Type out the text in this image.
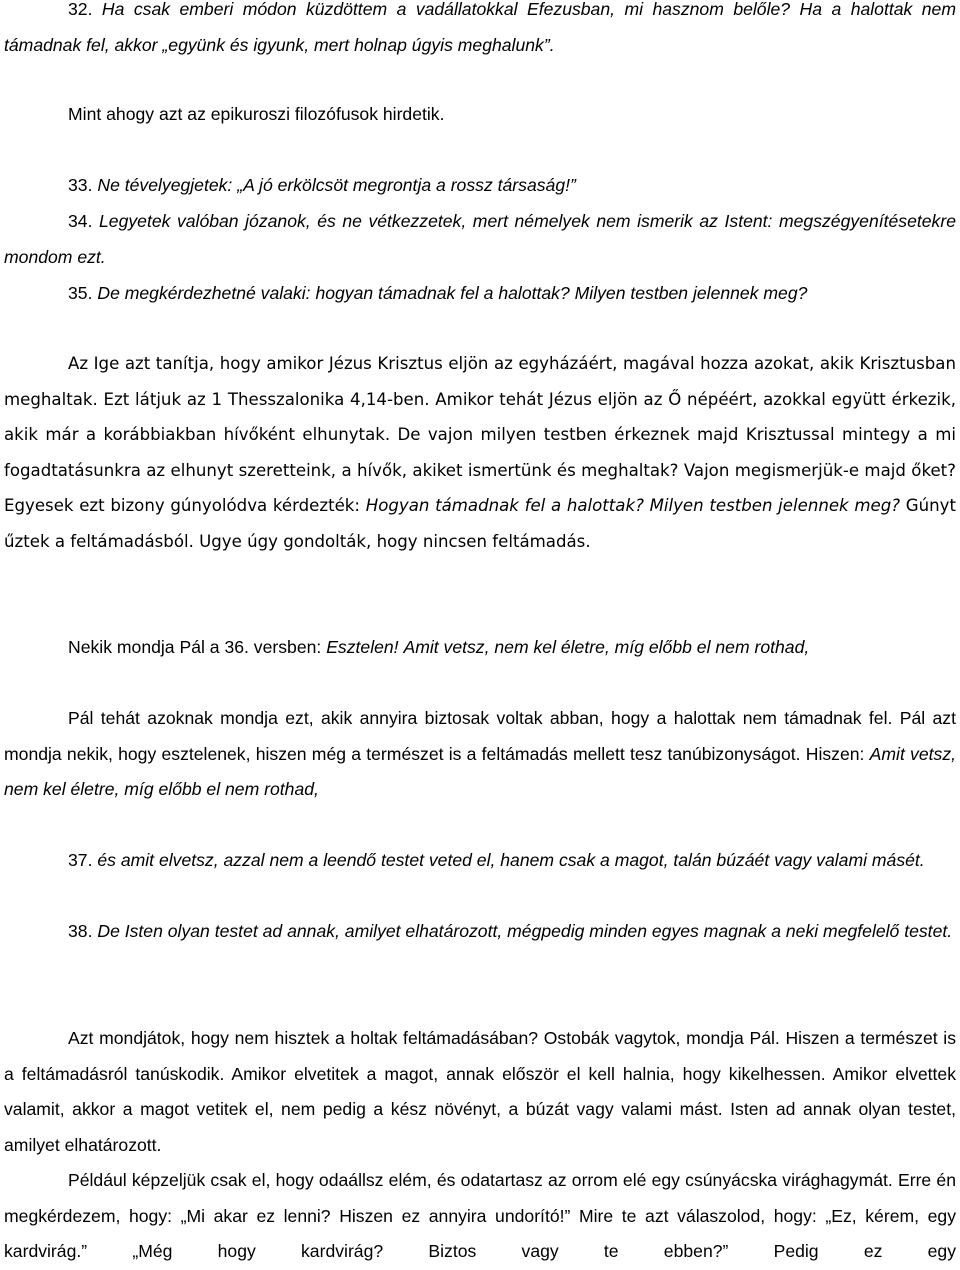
32. Ha csak emberi módon küzdöttem a vadállatokkal Efezusban, mi hasznom belőle? Ha a halottak nem támadnak fel, akkor „együnk és igyunk, mert holnap úgyis meghalunk”.

Mint ahogy azt az epikuroszi filozófusok hirdetik.

33. Ne tévelyegjetek: „A jó erkölcsöt megrontja a rossz társaság!”

34. Legyetek valóban józanok, és ne vétkezzetek, mert némelyek nem ismerik az Istent: megszégyenítésetekre mondom ezt.

35. De megkérdezhetné valaki: hogyan támadnak fel a halottak? Milyen testben jelennek meg?

Az Ige azt tanítja, hogy amikor Jézus Krisztus eljön az egyházáért, magával hozza azokat, akik Krisztusban meghaltak. Ezt látjuk az 1 Thesszalonika 4,14-ben. Amikor tehát Jézus eljön az Ő népéért, azokkal együtt érkezik, akik már a korábbiakban hívőként elhunytak. De vajon milyen testben érkeznek majd Krisztussal mintegy a mi fogadtatásunkra az elhunyt szeretteink, a hívők, akiket ismertünk és meghaltak? Vajon megismerjük-e majd őket? Egyesek ezt bizony gúnyolódva kérdezték: Hogyan támadnak fel a halottak? Milyen testben jelennek meg? Gúnyt űztek a feltámadásból. Ugye úgy gondolták, hogy nincsen feltámadás.

Nekik mondja Pál a 36. versben: Esztelen! Amit vetsz, nem kel életre, míg előbb el nem rothad,

Pál tehát azoknak mondja ezt, akik annyira biztosak voltak abban, hogy a halottak nem támadnak fel. Pál azt mondja nekik, hogy esztelenek, hiszen még a természet is a feltámadás mellett tesz tanúbizonyságot. Hiszen: Amit vetsz, nem kel életre, míg előbb el nem rothad,

37. és amit elvetsz, azzal nem a leendő testet veted el, hanem csak a magot, talán búzáét vagy valami másét.

38. De Isten olyan testet ad annak, amilyet elhatározott, mégpedig minden egyes magnak a neki megfelelő testet.

Azt mondjátok, hogy nem hisztek a holtak feltámadásában? Ostobák vagytok, mondja Pál. Hiszen a természet is a feltámadásról tanúskodik. Amikor elvetitek a magot, annak először el kell halnia, hogy kikelhessen. Amikor elvettek valamit, akkor a magot vetitek el, nem pedig a kész növényt, a búzát vagy valami mást. Isten ad annak olyan testet, amilyet elhatározott.

Például képzeljük csak el, hogy odaállsz elém, és odatartasz az orrom elé egy csúnyácska virághagymát. Erre én megkérdezem, hogy: „Mi akar ez lenni? Hiszen ez annyira undorító!” Mire te azt válaszolod, hogy: „Ez, kérem, egy kardvirág.” „Még hogy kardvirág? Biztos vagy te ebben?” Pedig ez egy
